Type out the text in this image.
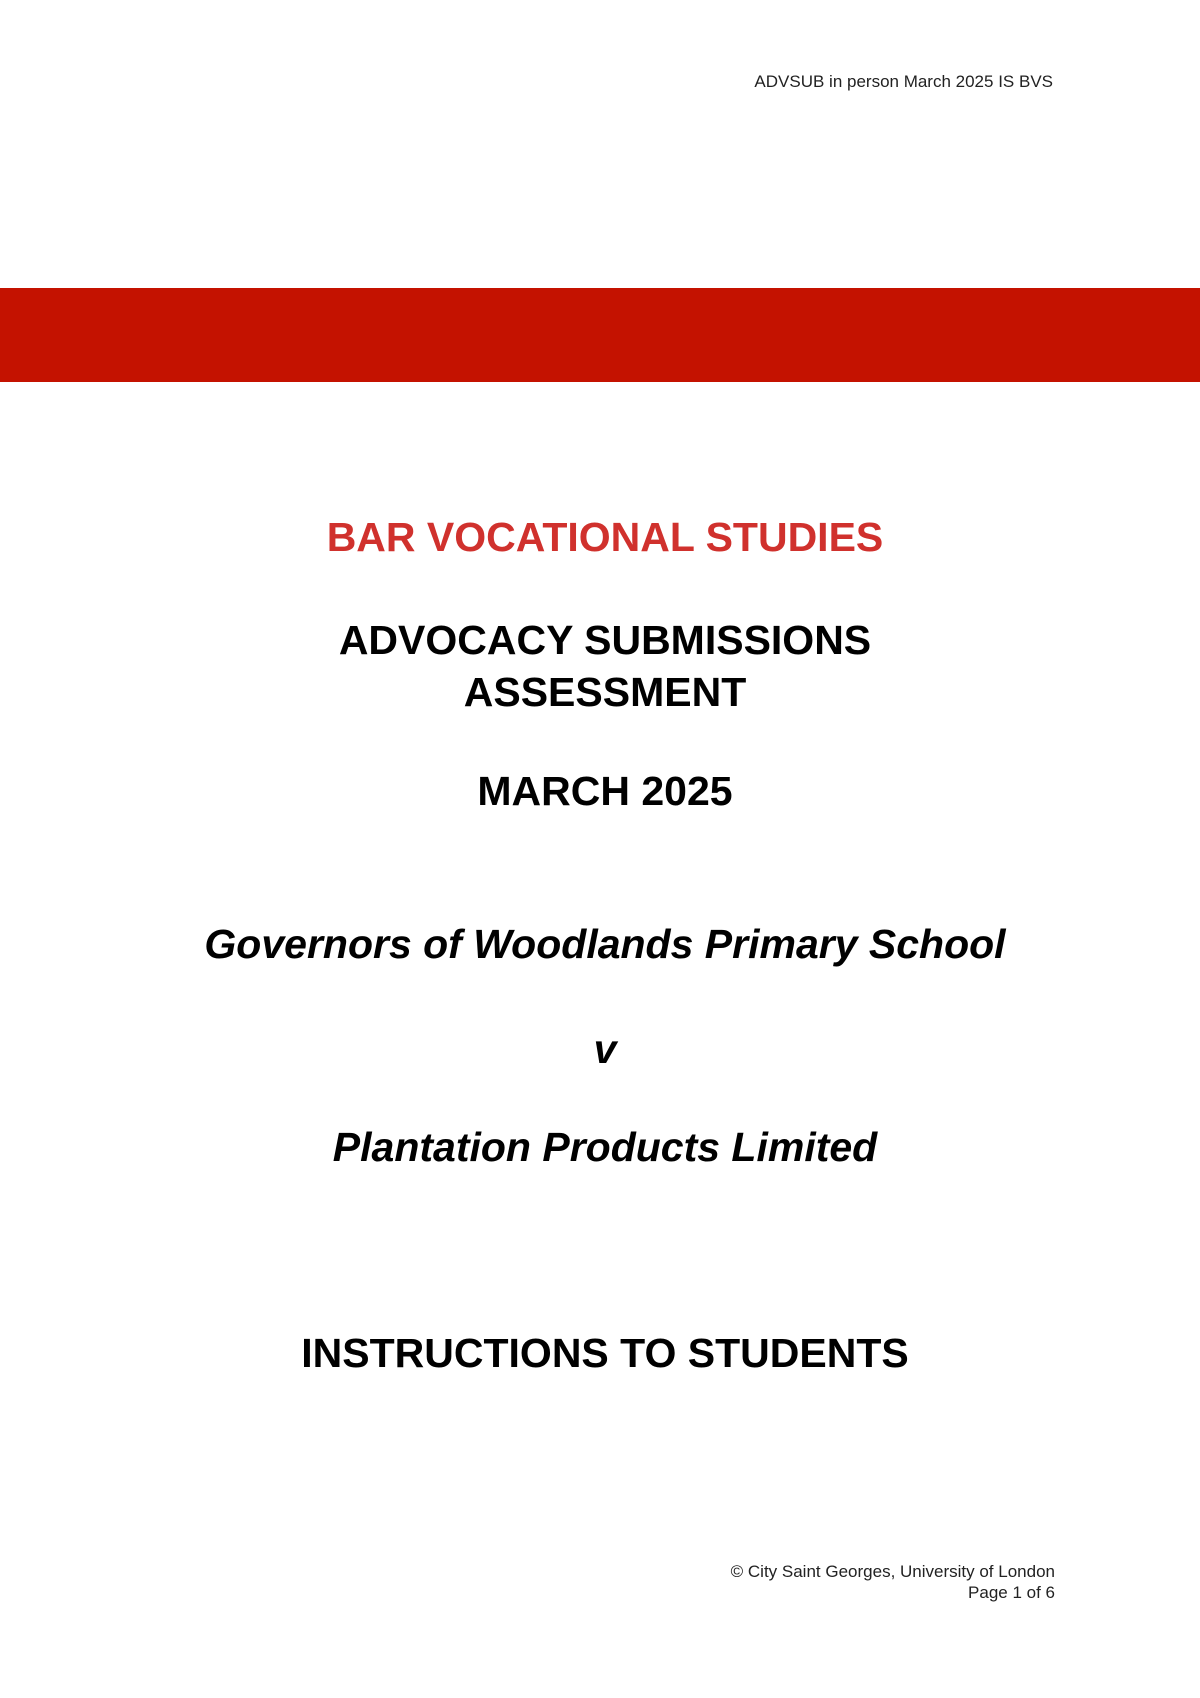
ADVSUB in person March 2025 IS BVS
BAR VOCATIONAL STUDIES
ADVOCACY SUBMISSIONS
ASSESSMENT
MARCH 2025
Governors of Woodlands Primary School
v
Plantation Products Limited
INSTRUCTIONS TO STUDENTS
© City Saint Georges, University of London
Page 1 of 6
